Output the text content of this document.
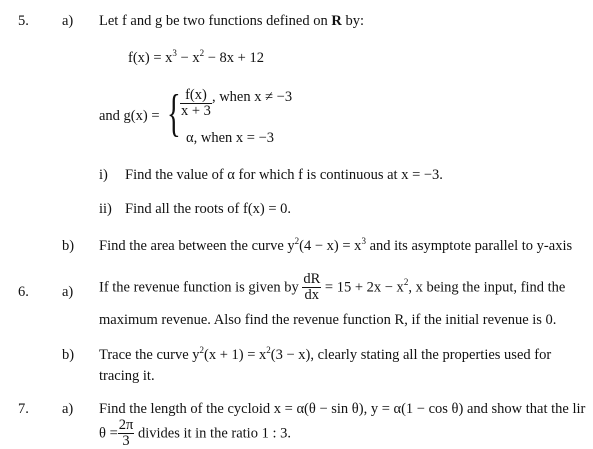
5. a) Let f and g be two functions defined on R by:
$f(x) = x^3 - x^2 - 8x + 12$
and g(x) = { $\frac{f(x)}{x + 3}$ , when x ≠ −3
α, when x = −3
i) Find the value of α for which f is continuous at x = −3.
ii) Find all the roots of f(x) = 0.
b) Find the area between the curve $y^2(4 - x) = x^3$ and its asymptote parallel to y-axis
6. a) If the revenue function is given by $\frac{dR}{dx} = 15 + 2x - x^2$, x being the input, find the
maximum revenue. Also find the revenue function R, if the initial revenue is 0.
b) Trace the curve $y^2(x + 1) = x^2(3 - x)$, clearly stating all the properties used for
tracing it.
7. a) Find the length of the cycloid x = α(θ − sin θ), y = α(1 − cos θ) and show that the lir
$\theta = \frac{2\pi}{3}$ divides it in the ratio 1 : 3.
